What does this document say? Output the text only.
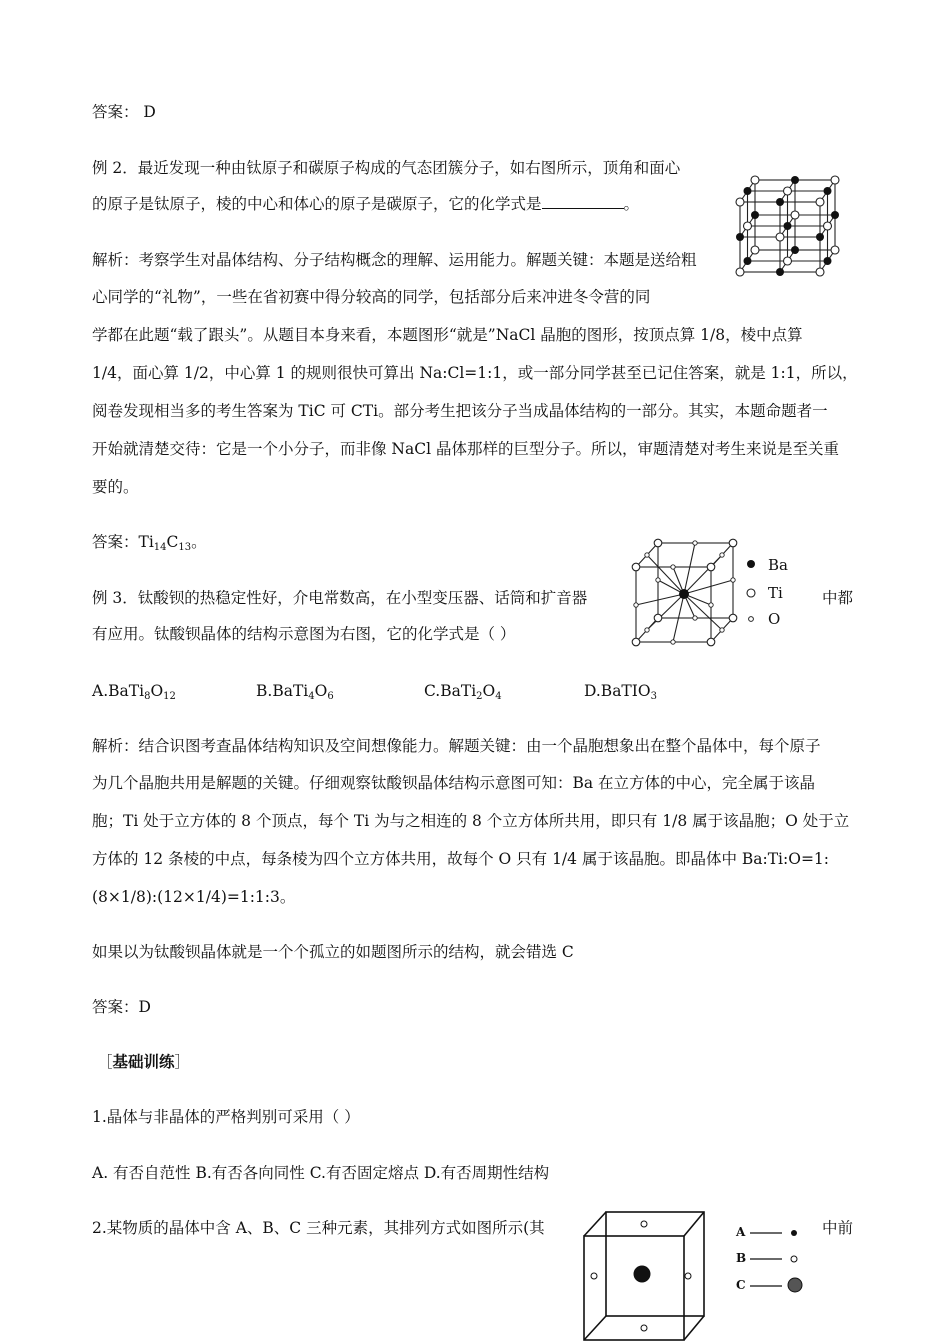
答案： D
例 2．最近发现一种由钛原子和碳原子构成的气态团簇分子，如右图所示，顶角和面心
的原子是钛原子，棱的中心和体心的原子是碳原子，它的化学式是	。
解析：考察学生对晶体结构、分子结构概念的理解、运用能力。解题关键：本题是送给粗
心同学的“礼物”，一些在省初赛中得分较高的同学，包括部分后来冲进冬令营的同
学都在此题“载了跟头”。从题目本身来看，本题图形“就是”NaCl 晶胞的图形，按顶点算 1/8，棱中点算
1/4，面心算 1/2，中心算 1 的规则很快可算出 Na:Cl=1:1，或一部分同学甚至已记住答案，就是 1:1，所以，
阅卷发现相当多的考生答案为 TiC 可 CTi。部分考生把该分子当成晶体结构的一部分。其实，本题命题者一
开始就清楚交待：它是一个小分子，而非像 NaCl 晶体那样的巨型分子。所以，审题清楚对考生来说是至关重
要的。
答案：$Ti_{14}C_{13}$。
例 3．钛酸钡的热稳定性好，介电常数高，在小型变压器、话筒和扩音器	中都
有应用。钛酸钡晶体的结构示意图为右图，它的化学式是（ ）
Ba
Ti
O
$A.BaTi_8O_{12}$	$B.BaTi_4O_6$	$C.BaTi_2O_4$	D.BaTIO$_3$
解析：结合识图考查晶体结构知识及空间想像能力。解题关键：由一个晶胞想象出在整个晶体中，每个原子
为几个晶胞共用是解题的关键。仔细观察钛酸钡晶体结构示意图可知：Ba 在立方体的中心，完全属于该晶
胞；Ti 处于立方体的 8 个顶点，每个 Ti 为与之相连的 8 个立方体所共用，即只有 1/8 属于该晶胞；O 处于立
方体的 12 条棱的中点，每条棱为四个立方体共用，故每个 O 只有 1/4 属于该晶胞。即晶体中 Ba:Ti:O=1:
(8×1/8):(12×1/4)=1:1:3。
如果以为钛酸钡晶体就是一个个孤立的如题图所示的结构，就会错选 C
答案：D
［基础训练］
1.晶体与非晶体的严格判别可采用（ ）
A. 有否自范性 B.有否各向同性 C.有否固定熔点 D.有否周期性结构
2.某物质的晶体中含 A、B、C 三种元素，其排列方式如图所示(其	中前
A
B
C
